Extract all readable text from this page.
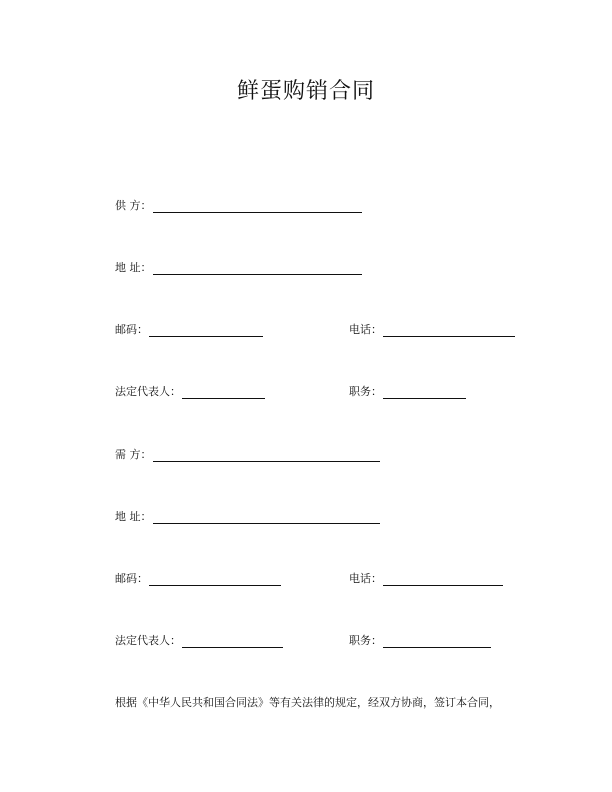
鲜蛋购销合同
供 方：
地 址：
邮码：	电话：
法定代表人：	职务：
需 方：
地 址：
邮码：	电话：
法定代表人：	职务：
根据《中华人民共和国合同法》等有关法律的规定，经双方协商，签订本合同，
